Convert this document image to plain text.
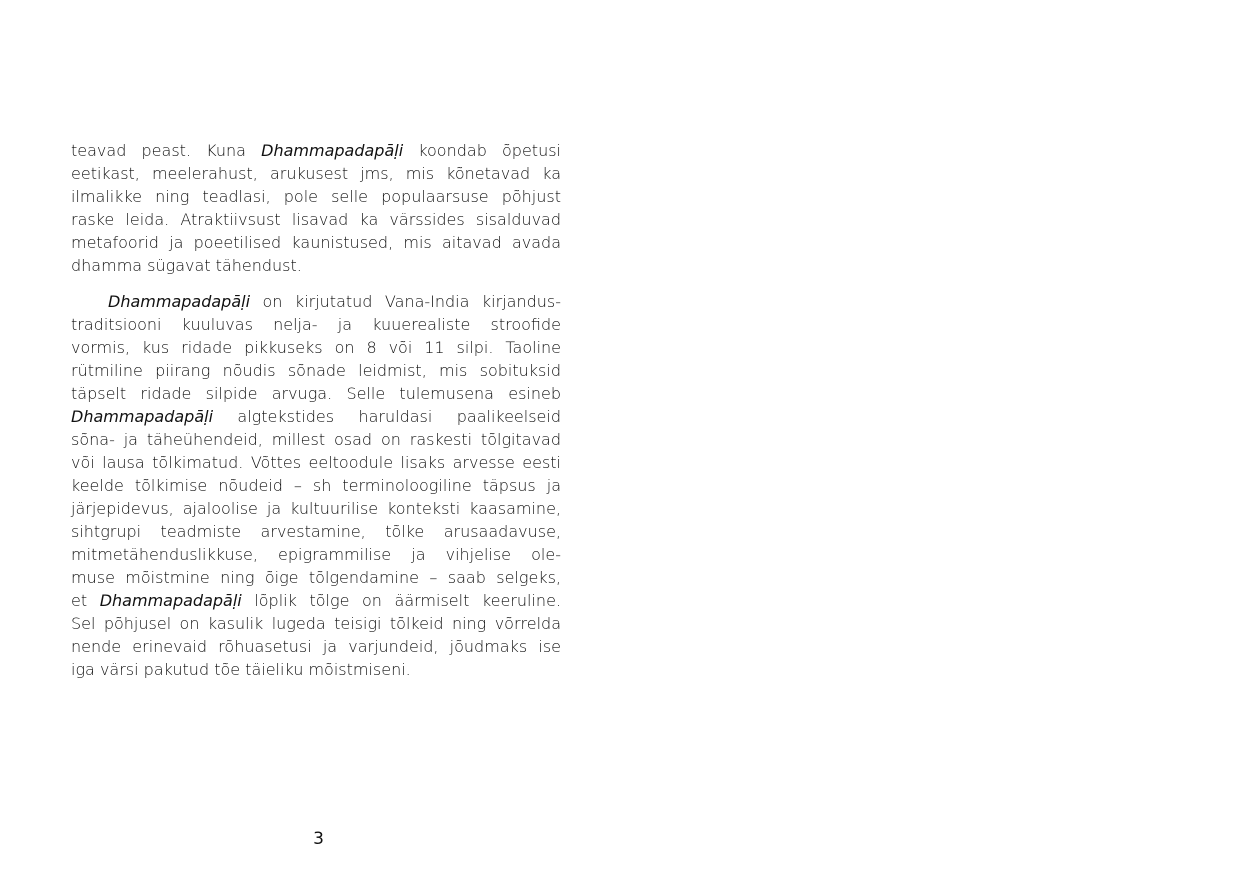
teavad peast. Kuna Dhammapadapāḷi koondab õpetusi
eetikast, meelerahust, arukusest jms, mis kõnetavad ka
ilmalikke ning teadlasi, pole selle populaarsuse põhjust
raske leida. Atraktiivsust lisavad ka värssides sisalduvad
metafoorid ja poeetilised kaunistused, mis aitavad avada
dhamma sügavat tähendust.
Dhammapadapāḷi on kirjutatud Vana-India kirjandus-
traditsiooni kuuluvas nelja- ja kuuerealiste stroofide
vormis, kus ridade pikkuseks on 8 või 11 silpi. Taoline
rütmiline piirang nõudis sõnade leidmist, mis sobituksid
täpselt ridade silpide arvuga. Selle tulemusena esineb
Dhammapadapāḷi algtekstides haruldasi paalikeelseid
sõna- ja täheühendeid, millest osad on raskesti tõlgitavad
või lausa tõlkimatud. Võttes eeltoodule lisaks arvesse eesti
keelde tõlkimise nõudeid – sh terminoloogiline täpsus ja
järjepidevus, ajaloolise ja kultuurilise konteksti kaasamine,
sihtgrupi teadmiste arvestamine, tõlke arusaadavuse,
mitmetähenduslikkuse, epigrammilise ja vihjelise ole-
muse mõistmine ning õige tõlgendamine – saab selgeks,
et Dhammapadapāḷi lõplik tõlge on äärmiselt keeruline.
Sel põhjusel on kasulik lugeda teisigi tõlkeid ning võrrelda
nende erinevaid rõhuasetusi ja varjundeid, jõudmaks ise
iga värsi pakutud tõe täieliku mõistmiseni.
3
